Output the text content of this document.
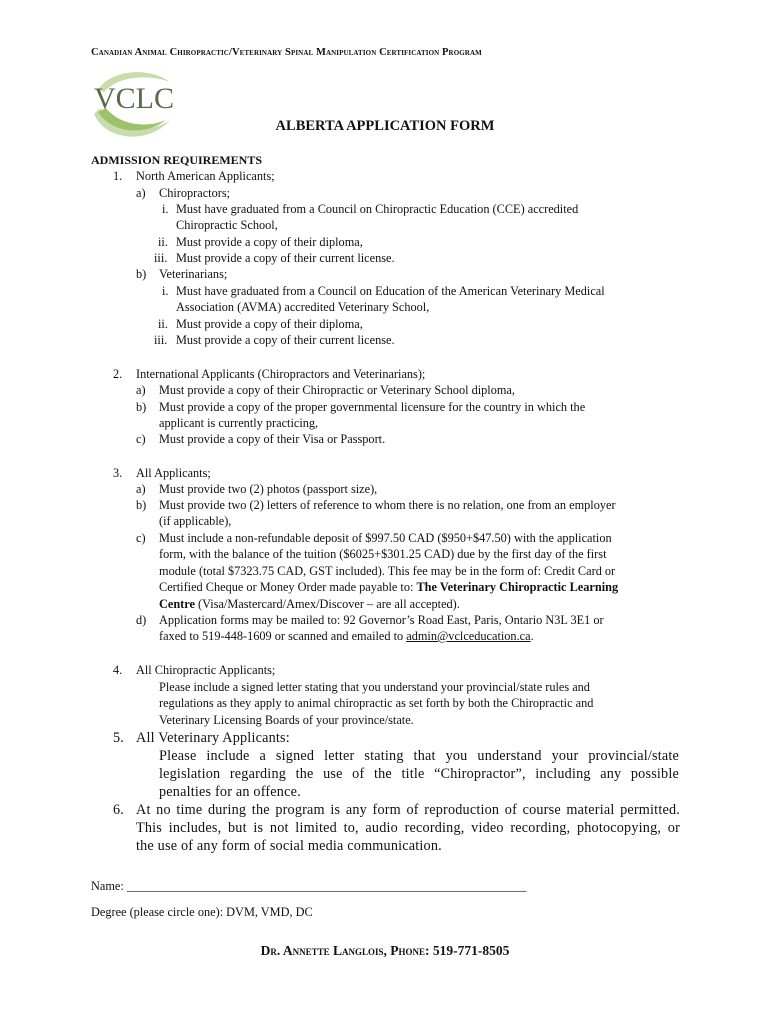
Canadian Animal Chiropractic/Veterinary Spinal Manipulation Certification Program
VCLC
ALBERTA APPLICATION FORM
ADMISSION REQUIREMENTS
1. North American Applicants;
a) Chiropractors;
i. Must have graduated from a Council on Chiropractic Education (CCE) accredited
Chiropractic School,
ii. Must provide a copy of their diploma,
iii. Must provide a copy of their current license.
b) Veterinarians;
i. Must have graduated from a Council on Education of the American Veterinary Medical
Association (AVMA) accredited Veterinary School,
ii. Must provide a copy of their diploma,
iii. Must provide a copy of their current license.
2. International Applicants (Chiropractors and Veterinarians);
a) Must provide a copy of their Chiropractic or Veterinary School diploma,
b) Must provide a copy of the proper governmental licensure for the country in which the
applicant is currently practicing,
c) Must provide a copy of their Visa or Passport.
3. All Applicants;
a) Must provide two (2) photos (passport size),
b) Must provide two (2) letters of reference to whom there is no relation, one from an employer
(if applicable),
c) Must include a non-refundable deposit of $997.50 CAD ($950+$47.50) with the application
form, with the balance of the tuition ($6025+$301.25 CAD) due by the first day of the first
module (total $7323.75 CAD, GST included). This fee may be in the form of: Credit Card or
Certified Cheque or Money Order made payable to: The Veterinary Chiropractic Learning
Centre (Visa/Mastercard/Amex/Discover – are all accepted).
d) Application forms may be mailed to: 92 Governor’s Road East, Paris, Ontario N3L 3E1 or
faxed to 519-448-1609 or scanned and emailed to admin@vclceducation.ca.
4. All Chiropractic Applicants;
Please include a signed letter stating that you understand your provincial/state rules and
regulations as they apply to animal chiropractic as set forth by both the Chiropractic and
Veterinary Licensing Boards of your province/state.
5. All Veterinary Applicants:
Please include a signed letter stating that you understand your provincial/state
legislation regarding the use of the title “Chiropractor”, including any possible
penalties for an offence.
6. At no time during the program is any form of reproduction of course material permitted.
This includes, but is not limited to, audio recording, video recording, photocopying, or
the use of any form of social media communication.
Name: _________________________________________________________________
Degree (please circle one): DVM, VMD, DC
Dr. Annette Langlois, Phone: 519-771-8505
